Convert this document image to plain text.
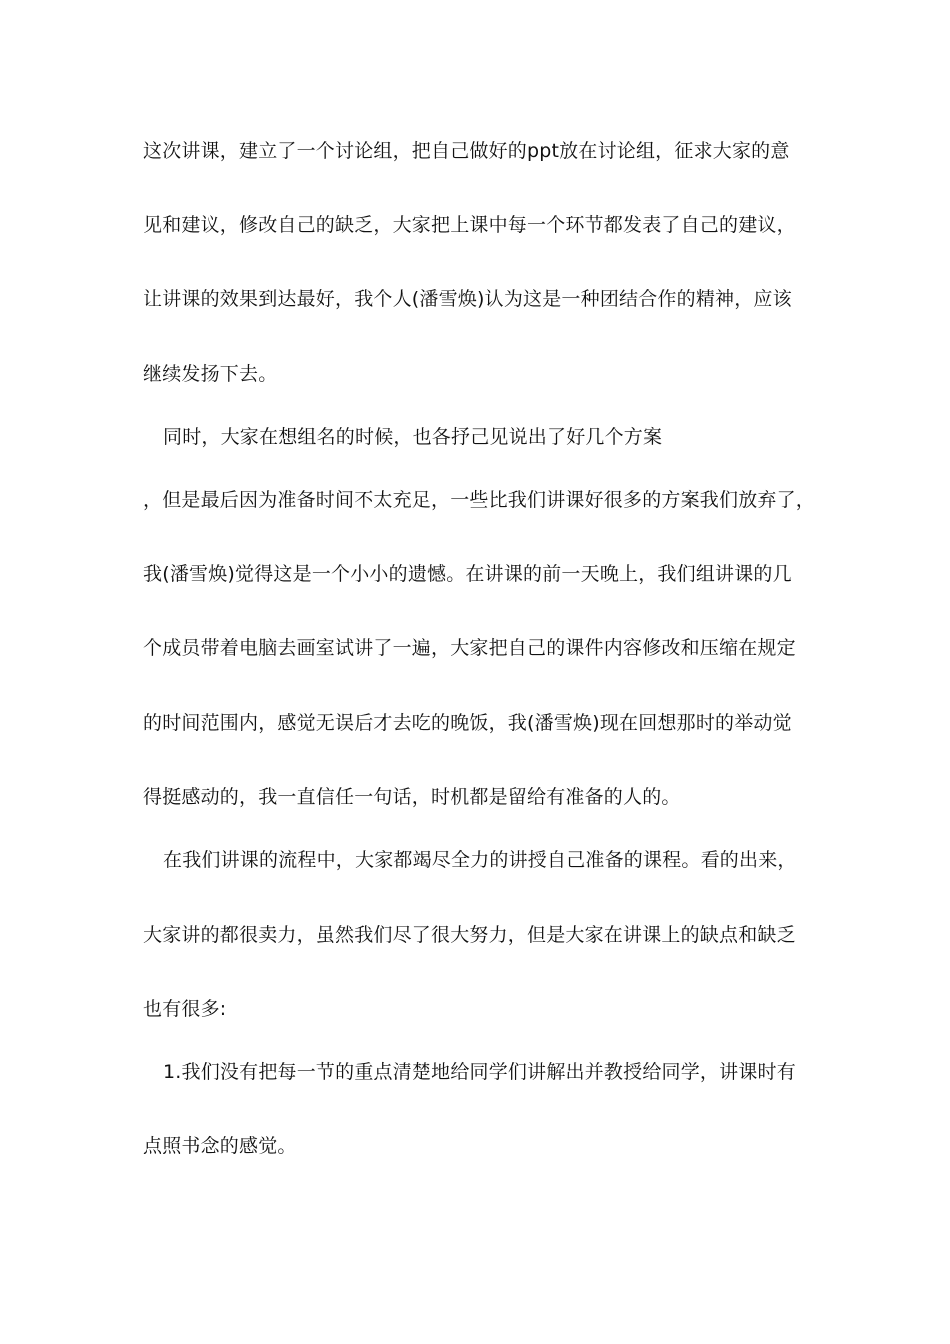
这次讲课，建立了一个讨论组，把自己做好的ppt放在讨论组，征求大家的意
见和建议，修改自己的缺乏，大家把上课中每一个环节都发表了自己的建议，
让讲课的效果到达最好，我个人(潘雪焕)认为这是一种团结合作的精神，应该
继续发扬下去。
同时，大家在想组名的时候，也各抒己见说出了好几个方案
，但是最后因为准备时间不太充足，一些比我们讲课好很多的方案我们放弃了，
我(潘雪焕)觉得这是一个小小的遗憾。在讲课的前一天晚上，我们组讲课的几
个成员带着电脑去画室试讲了一遍，大家把自己的课件内容修改和压缩在规定
的时间范围内，感觉无误后才去吃的晚饭，我(潘雪焕)现在回想那时的举动觉
得挺感动的，我一直信任一句话，时机都是留给有准备的人的。
在我们讲课的流程中，大家都竭尽全力的讲授自己准备的课程。看的出来，
大家讲的都很卖力，虽然我们尽了很大努力，但是大家在讲课上的缺点和缺乏
也有很多:
1.我们没有把每一节的重点清楚地给同学们讲解出并教授给同学，讲课时有
点照书念的感觉。
